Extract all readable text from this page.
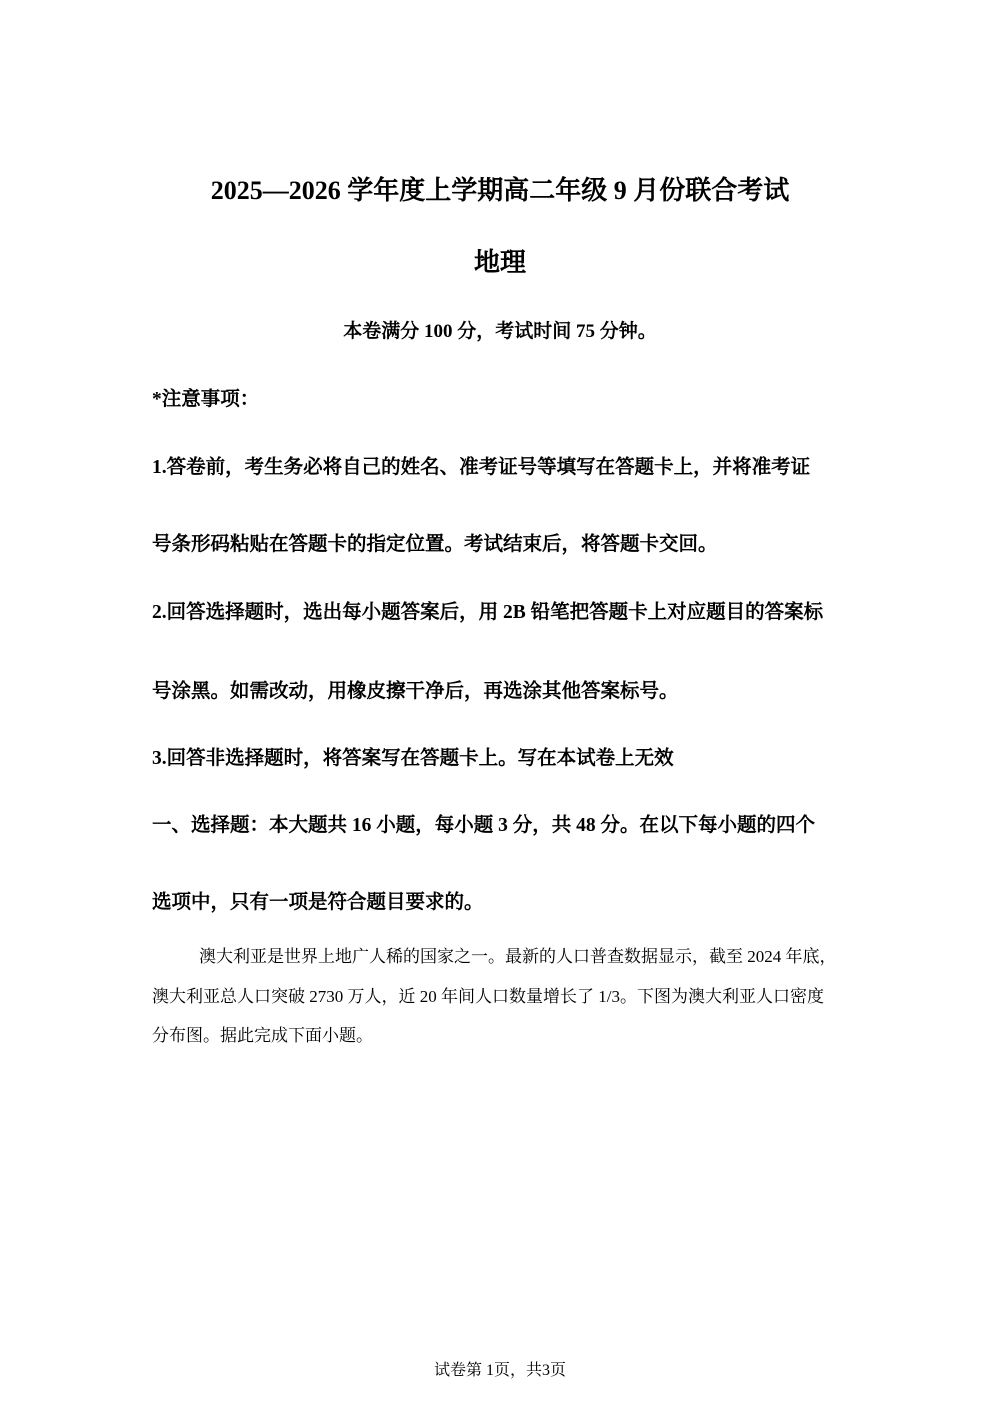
2025—2026 学年度上学期高二年级 9 月份联合考试
地理
本卷满分 100 分，考试时间 75 分钟。
*注意事项：
1.答卷前，考生务必将自己的姓名、准考证号等填写在答题卡上，并将准考证
号条形码粘贴在答题卡的指定位置。考试结束后，将答题卡交回。
2.回答选择题时，选出每小题答案后，用 2B 铅笔把答题卡上对应题目的答案标
号涂黑。如需改动，用橡皮擦干净后，再选涂其他答案标号。
3.回答非选择题时，将答案写在答题卡上。写在本试卷上无效
一、选择题：本大题共 16 小题，每小题 3 分，共 48 分。在以下每小题的四个
选项中，只有一项是符合题目要求的。
澳大利亚是世界上地广人稀的国家之一。最新的人口普查数据显示，截至 2024 年底，
澳大利亚总人口突破 2730 万人，近 20 年间人口数量增长了 1/3。下图为澳大利亚人口密度
分布图。据此完成下面小题。
试卷第 1页，共3页
